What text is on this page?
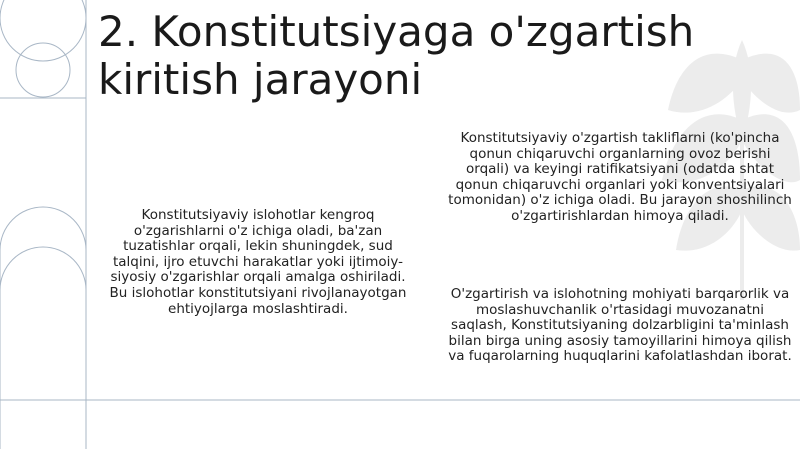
2. Konstitutsiyaga o'zgartish
kiritish jarayoni

Konstitutsiyaviy islohotlar kengroq o'zgarishlarni o'z ichiga oladi, ba'zan tuzatishlar orqali, lekin shuningdek, sud talqini, ijro etuvchi harakatlar yoki ijtimoiy-siyosiy o'zgarishlar orqali amalga oshiriladi. Bu islohotlar konstitutsiyani rivojlanayotgan ehtiyojlarga moslashtiradi.

Konstitutsiyaviy o'zgartish takliflarni (ko'pincha qonun chiqaruvchi organlarning ovoz berishi orqali) va keyingi ratifikatsiyani (odatda shtat qonun chiqaruvchi organlari yoki konventsiyalari tomonidan) o'z ichiga oladi. Bu jarayon shoshilinch o'zgartirishlardan himoya qiladi.

O'zgartirish va islohotning mohiyati barqarorlik va moslashuvchanlik o'rtasidagi muvozanatni saqlash, Konstitutsiyaning dolzarbligini ta'minlash bilan birga uning asosiy tamoyillarini himoya qilish va fuqarolarning huquqlarini kafolatlashdan iborat.
